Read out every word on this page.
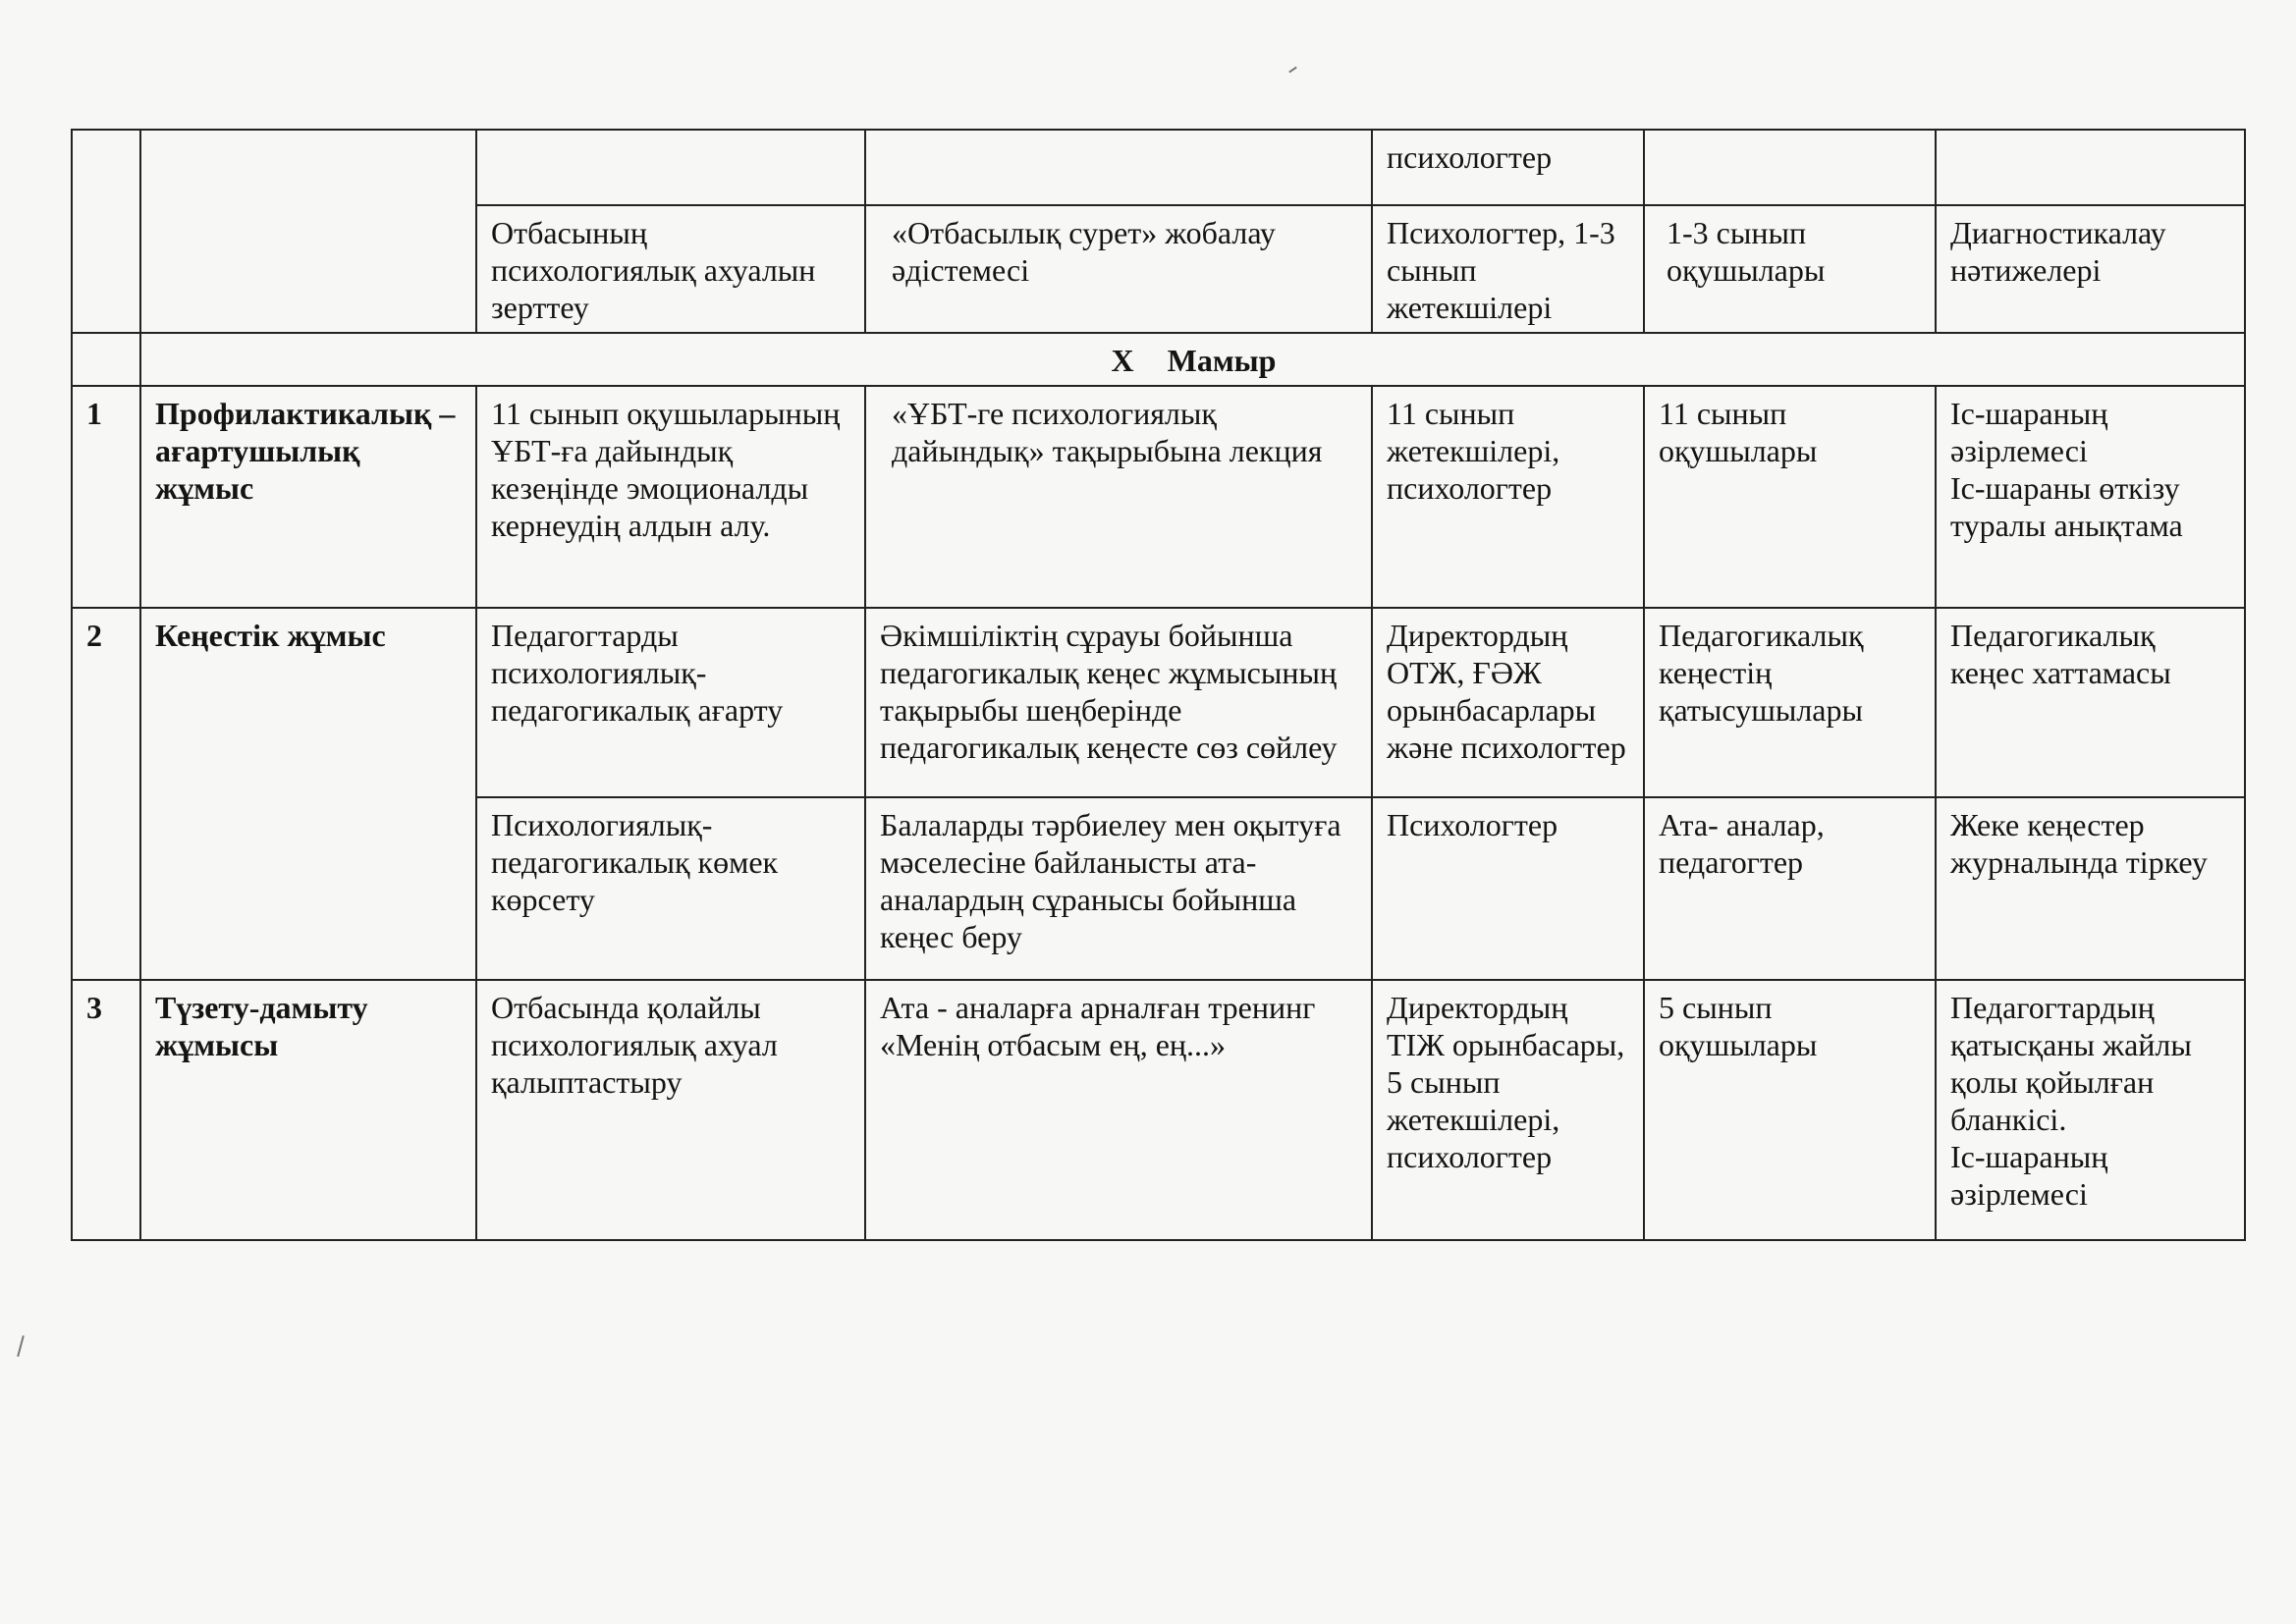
				психологтер		
		Отбасының психологиялық ахуалын зерттеу	«Отбасылық сурет» жобалау әдістемесі	Психологтер, 1-3 сынып жетекшілері	1-3 сынып оқушылары	Диагностикалау нәтижелері
	X Мамыр					
1	Профилактикалық –ағартушылық жұмыс	11 сынып оқушыларының ҰБТ-ға дайындық кезеңінде эмоционалды кернеудің алдын алу.	«ҰБТ-ге психологиялық дайындық» тақырыбына лекция	11 сынып жетекшілері, психологтер	11 сынып оқушылары	Іс-шараның әзірлемесі
Іс-шараны өткізу туралы анықтама

2	Кеңестік жұмыс	Педагогтарды психологиялық-педагогикалық ағарту	Әкімшіліктің сұрауы бойынша педагогикалық кеңес жұмысының тақырыбы шеңберінде педагогикалық кеңесте сөз сөйлеу	Директордың ОТЖ, ҒӘЖ орынбасарлары және психологтер	Педагогикалық кеңестің қатысушылары	Педагогикалық кеңес хаттамасы

		Психологиялық-педагогикалық көмек көрсету	Балаларды тәрбиелеу мен оқытуға мәселесіне байланысты ата-аналардың сұранысы бойынша кеңес беру	Психологтер	Ата- аналар, педагогтер	Жеке кеңестер журналында тіркеу

3	Түзету-дамыту жұмысы	Отбасында қолайлы психологиялық ахуал қалыптастыру	Ата - аналарға арналған тренинг «Менің отбасым ең, ең...»	Директордың ТІЖ орынбасары, 5 сынып жетекшілері, психологтер	5 сынып оқушылары	Педагогтардың қатысқаны жайлы қолы қойылған бланкісі.
Іс-шараның әзірлемесі
